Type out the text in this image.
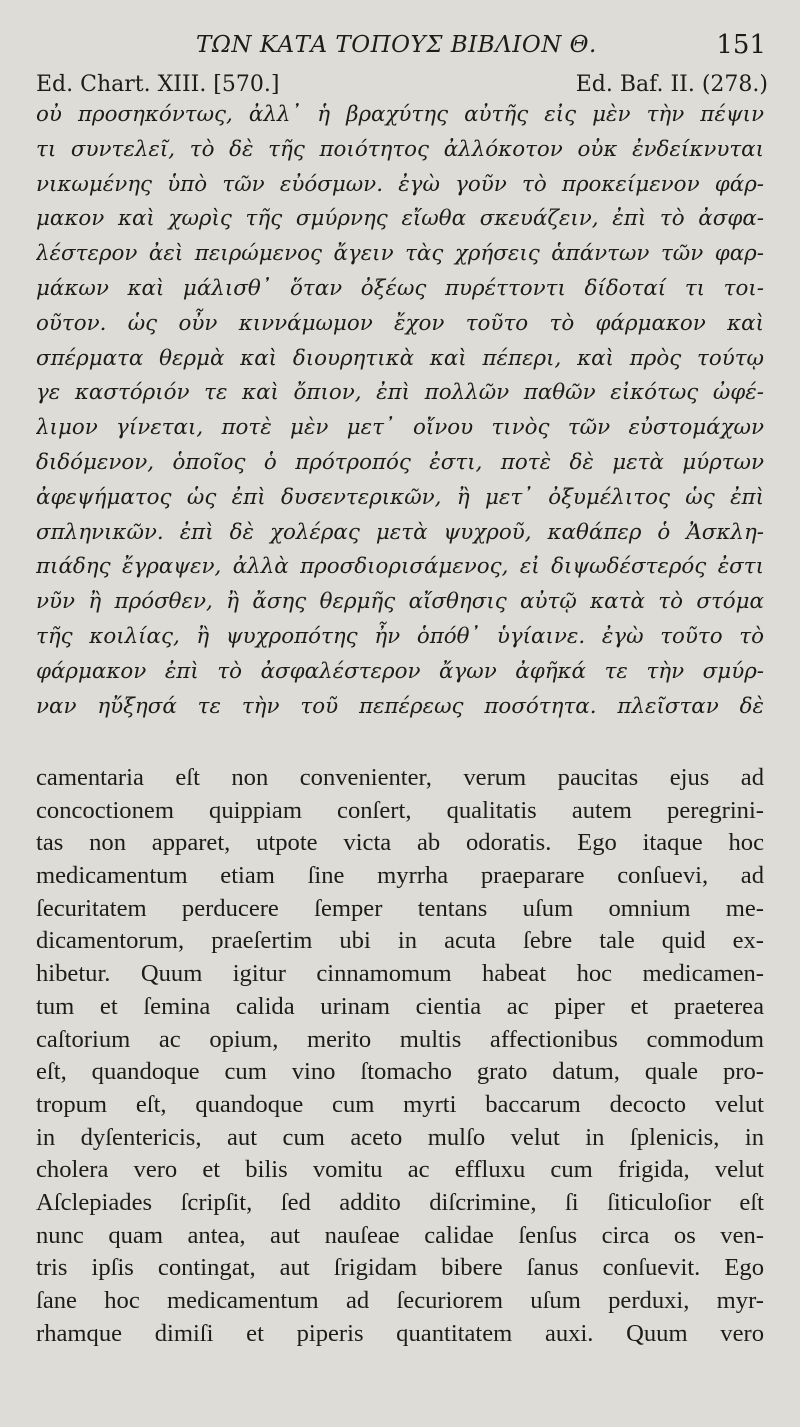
ΤΩΝ ΚΑΤΑ ΤΟΠΟΥΣ ΒΙΒΛΙΟΝ Θ.	151
Ed. Chart. XIII. [570.]	Ed. Baf. II. (278.)
οὐ προσηκόντως, ἀλλ᾿ ἡ βραχύτης αὐτῆς εἰς μὲν τὴν πέψιν
τι συντελεῖ, τὸ δὲ τῆς ποιότητος ἀλλόκοτον οὐκ ἐνδείκνυται
νικωμένης ὑπὸ τῶν εὐόσμων. ἐγὼ γοῦν τὸ προκείμενον φάρ-
μακον καὶ χωρὶς τῆς σμύρνης εἴωθα σκευάζειν, ἐπὶ τὸ ἀσφα-
λέστερον ἀεὶ πειρώμενος ἄγειν τὰς χρήσεις ἁπάντων τῶν φαρ-
μάκων καὶ μάλισθ᾿ ὅταν ὀξέως πυρέττοντι δίδοταί τι τοι-
οῦτον. ὡς οὖν κιννάμωμον ἔχον τοῦτο τὸ φάρμακον καὶ
σπέρματα θερμὰ καὶ διουρητικὰ καὶ πέπερι, καὶ πρὸς τούτῳ
γε καστόριόν τε καὶ ὄπιον, ἐπὶ πολλῶν παθῶν εἰκότως ὠφέ-
λιμον γίνεται, ποτὲ μὲν μετ᾿ οἴνου τινὸς τῶν εὐστομάχων
διδόμενον, ὁποῖος ὁ πρότροπός ἐστι, ποτὲ δὲ μετὰ μύρτων
ἀφεψήματος ὡς ἐπὶ δυσεντερικῶν, ἢ μετ᾿ ὀξυμέλιτος ὡς ἐπὶ
σπληνικῶν. ἐπὶ δὲ χολέρας μετὰ ψυχροῦ, καθάπερ ὁ Ἀσκλη-
πιάδης ἔγραψεν, ἀλλὰ προσδιορισάμενος, εἰ διψωδέστερός ἐστι
νῦν ἢ πρόσθεν, ἢ ἄσης θερμῆς αἴσθησις αὐτῷ κατὰ τὸ στόμα
τῆς κοιλίας, ἢ ψυχροπότης ἦν ὁπόθ᾿ ὑγίαινε. ἐγὼ τοῦτο τὸ
φάρμακον ἐπὶ τὸ ἀσφαλέστερον ἄγων ἀφῆκά τε τὴν σμύρ-
ναν ηὔξησά τε τὴν τοῦ πεπέρεως ποσότητα. πλεῖσταν δὲ
camentaria eſt non convenienter, verum paucitas ejus ad
concoctionem quippiam conſert, qualitatis autem peregrini-
tas non apparet, utpote victa ab odoratis. Ego itaque hoc
medicamentum etiam ſine myrrha praeparare conſuevi, ad
ſecuritatem perducere ſemper tentans uſum omnium me-
dicamentorum, praeſertim ubi in acuta ſebre tale quid ex-
hibetur. Quum igitur cinnamomum habeat hoc medicamen-
tum et ſemina calida urinam cientia ac piper et praeterea
caſtorium ac opium, merito multis affectionibus commodum
eſt, quandoque cum vino ſtomacho grato datum, quale pro-
tropum eſt, quandoque cum myrti baccarum decocto velut
in dyſentericis, aut cum aceto mulſo velut in ſplenicis, in
cholera vero et bilis vomitu ac effluxu cum frigida, velut
Aſclepiades ſcripſit, ſed addito diſcrimine, ſi ſiticuloſior eſt
nunc quam antea, aut nauſeae calidae ſenſus circa os ven-
tris ipſis contingat, aut ſrigidam bibere ſanus conſuevit. Ego
ſane hoc medicamentum ad ſecuriorem uſum perduxi, myr-
rhamque dimiſi et piperis quantitatem auxi. Quum vero
